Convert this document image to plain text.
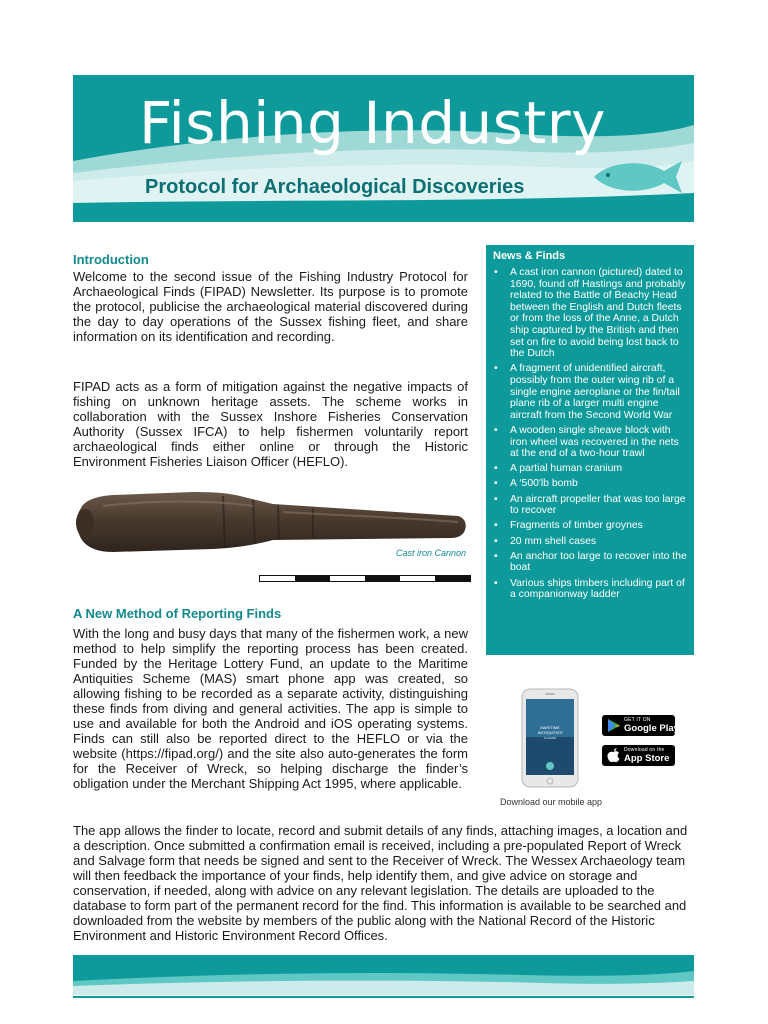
Fishing Industry
Protocol for Archaeological Discoveries
Introduction

Welcome to the second issue of the Fishing Industry Protocol for Archaeological Finds (FIPAD) Newsletter. Its purpose is to promote the protocol, publicise the archaeological material discovered during the day to day operations of the Sussex fishing fleet, and share information on its identification and recording.

FIPAD acts as a form of mitigation against the negative impacts of fishing on unknown heritage assets. The scheme works in collaboration with the Sussex Inshore Fisheries Conservation Authority (Sussex IFCA) to help fishermen voluntarily report archaeological finds either online or through the Historic Environment Fisheries Liaison Officer (HEFLO).

Cast iron Cannon
News & Finds
• A cast iron cannon (pictured) dated to 1690, found off Hastings and probably related to the Battle of Beachy Head between the English and Dutch fleets or from the loss of the Anne, a Dutch ship captured by the British and then set on fire to avoid being lost back to the Dutch
• A fragment of unidentified aircraft, possibly from the outer wing rib of a single engine aeroplane or the fin/tail plane rib of a larger multi engine aircraft from the Second World War
• A wooden single sheave block with iron wheel was recovered in the nets at the end of a two-hour trawl
• A partial human cranium
• A ‘500'lb bomb
• An aircraft propeller that was too large to recover
• Fragments of timber groynes
• 20 mm shell cases
• An anchor too large to recover into the boat
• Various ships timbers including part of a companionway ladder
A New Method of Reporting Finds

With the long and busy days that many of the fishermen work, a new method to help simplify the reporting process has been created. Funded by the Heritage Lottery Fund, an update to the Maritime Antiquities Scheme (MAS) smart phone app was created, so allowing fishing to be recorded as a separate activity, distinguishing these finds from diving and general activities. The app is simple to use and available for both the Android and iOS operating systems. Finds can still also be reported direct to the HEFLO or via the website (https://fipad.org/) and the site also auto-generates the form for the Receiver of Wreck, so helping discharge the finder’s obligation under the Merchant Shipping Act 1995, where applicable.

MARITIME
ANTIQUITIES
SCHEME
GET IT ON
Google Play
Download on the
App Store
Download our mobile app

The app allows the finder to locate, record and submit details of any finds, attaching images, a location and a description. Once submitted a confirmation email is received, including a pre-populated Report of Wreck and Salvage form that needs be signed and sent to the Receiver of Wreck. The Wessex Archaeology team will then feedback the importance of your finds, help identify them, and give advice on storage and conservation, if needed, along with advice on any relevant legislation. The details are uploaded to the database to form part of the permanent record for the find. This information is available to be searched and downloaded from the website by members of the public along with the National Record of the Historic Environment and Historic Environment Record Offices.
